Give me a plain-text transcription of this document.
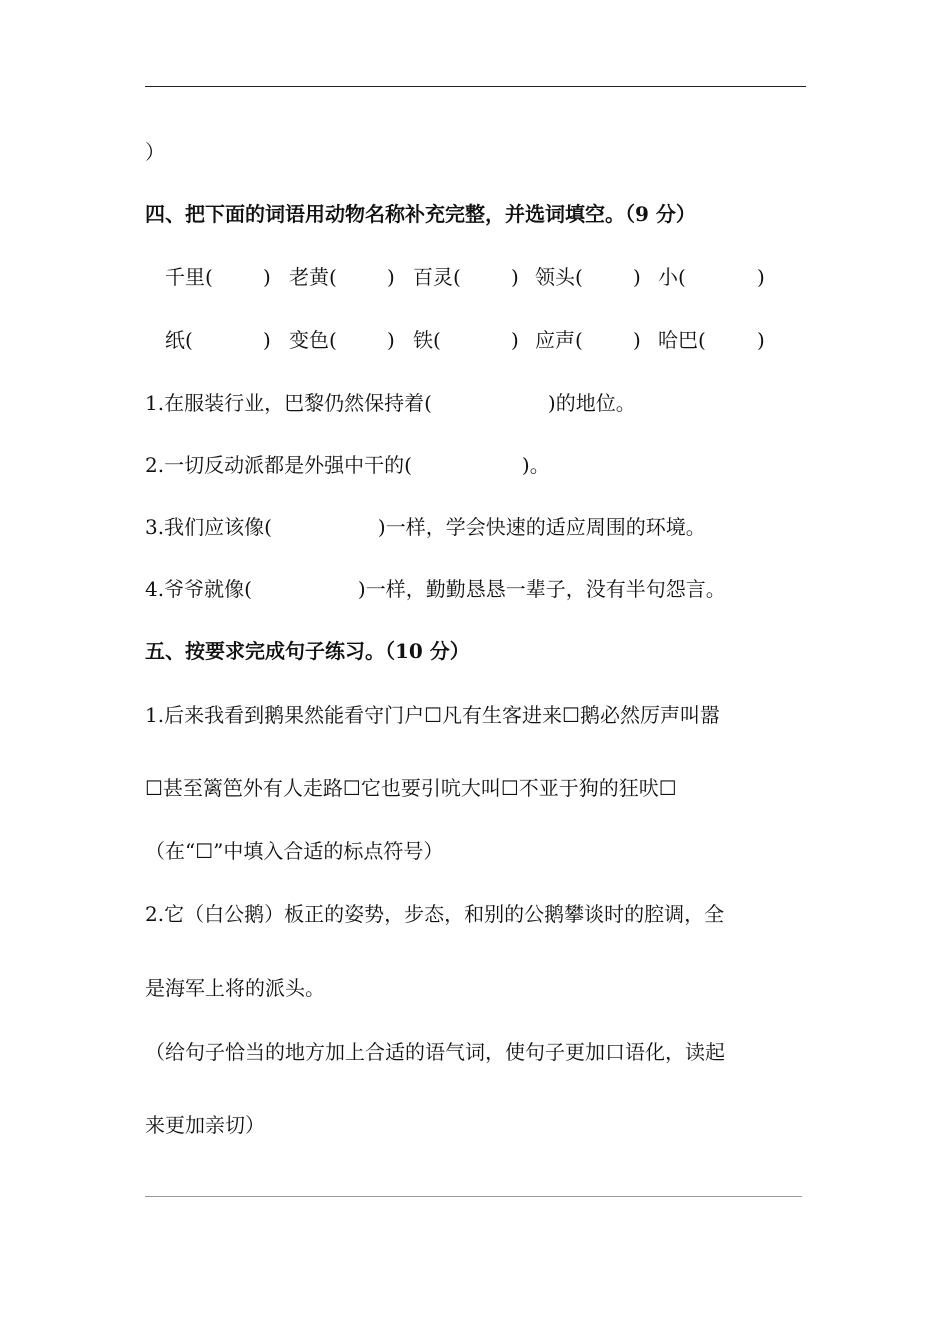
）
四、把下面的词语用动物名称补充完整，并选词填空。（9 分）
千里(	) 老黄(	) 百灵(	) 领头(	) 小(	)
纸(	) 变色(	) 铁(	) 应声(	) 哈巴(	)
1.在服装行业，巴黎仍然保持着(	)的地位。
2.一切反动派都是外强中干的(	)。
3.我们应该像(	)一样，学会快速的适应周围的环境。
4.爷爷就像(	)一样，勤勤恳恳一辈子，没有半句怨言。
五、按要求完成句子练习。（10 分）
1.后来我看到鹅果然能看守门户☐凡有生客进来☐鹅必然厉声叫嚣
☐甚至篱笆外有人走路☐它也要引吭大叫☐不亚于狗的狂吠☐
（在“☐”中填入合适的标点符号）
2.它（白公鹅）板正的姿势，步态，和别的公鹅攀谈时的腔调，全
是海军上将的派头。
（给句子恰当的地方加上合适的语气词，使句子更加口语化，读起
来更加亲切）
